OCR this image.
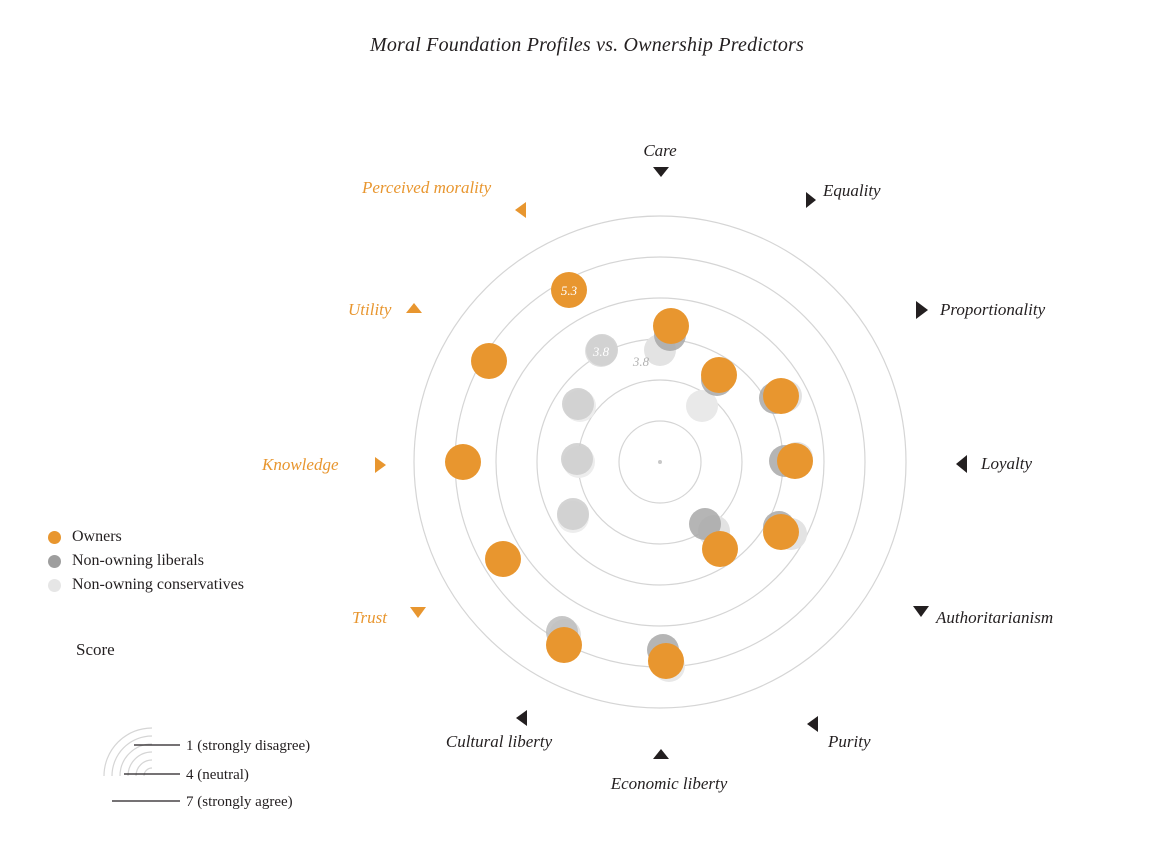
Moral Foundation Profiles vs. Ownership Predictors
5.3
3.8
3.8
Care
Equality
Proportionality
Loyalty
Authoritarianism
Purity
Economic liberty
Cultural liberty
Trust
Knowledge
Utility
Perceived morality
Owners
Non-owning liberals
Non-owning conservatives
Score
1 (strongly disagree)
4 (neutral)
7 (strongly agree)
